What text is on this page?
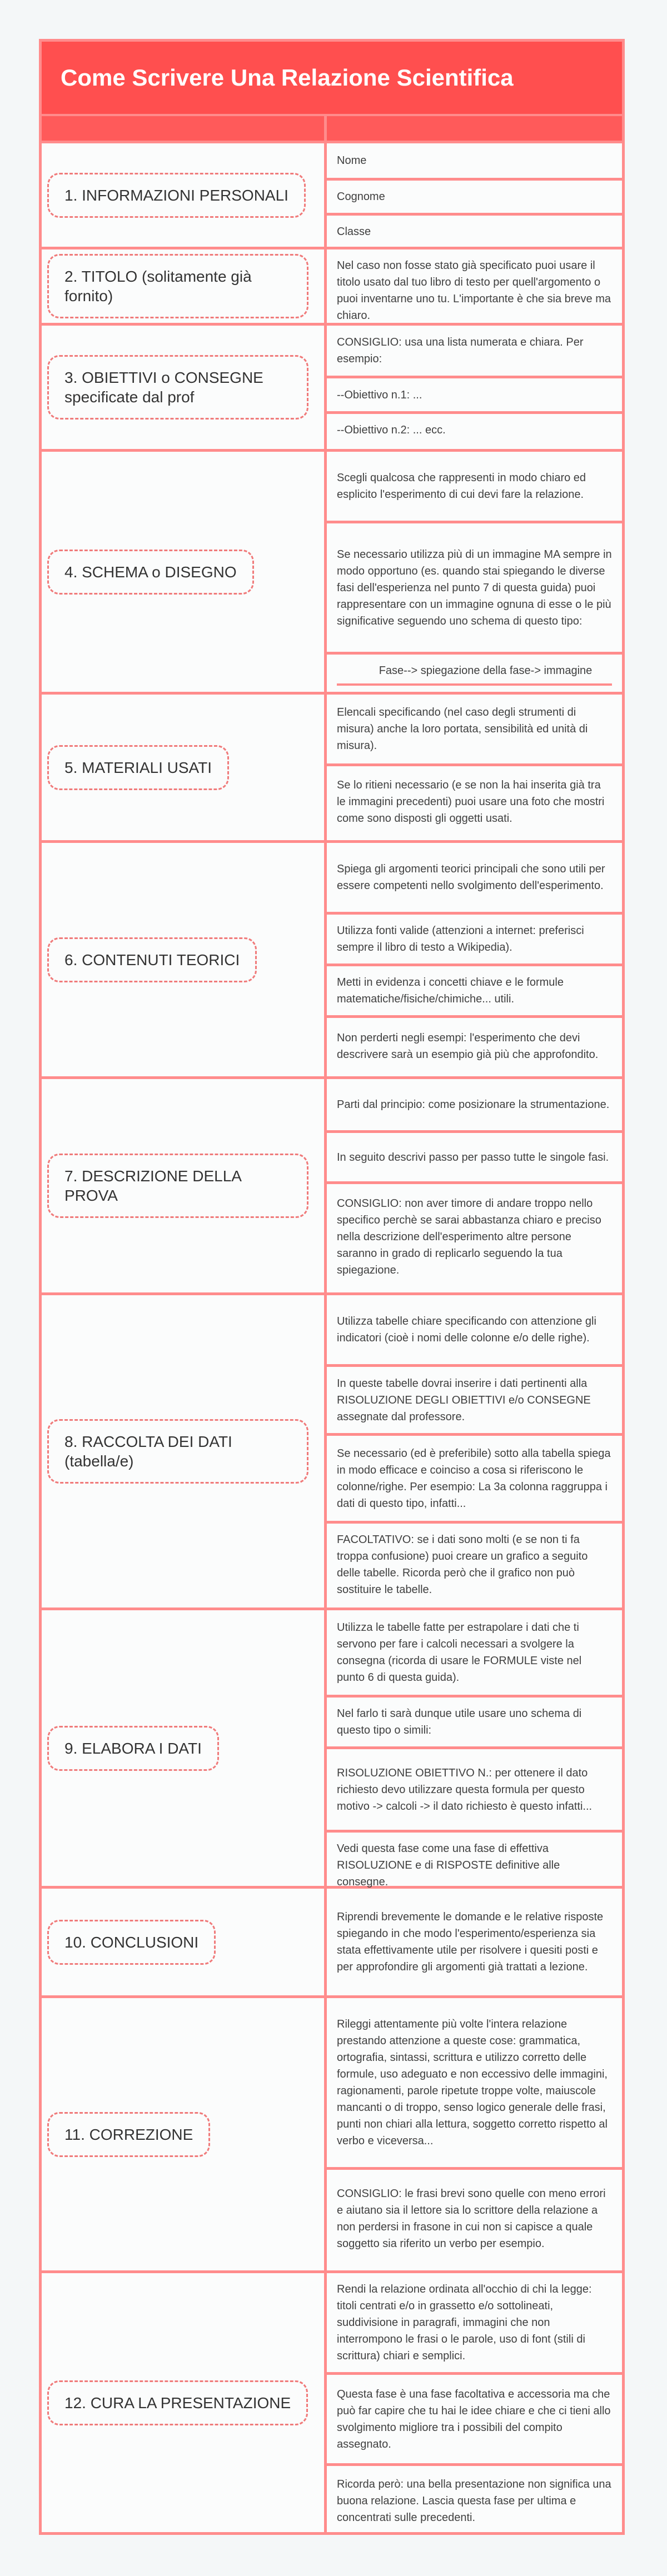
Come Scrivere Una Relazione Scientifica
1. INFORMAZIONI PERSONALI
Nome
Cognome
Classe
2. TITOLO (solitamente già fornito)
Nel caso non fosse stato già specificato puoi usare il titolo usato dal tuo libro di testo per quell'argomento o puoi inventarne uno tu. L'importante è che sia breve ma chiaro.
3. OBIETTIVI o CONSEGNE specificate dal prof
CONSIGLIO: usa una lista numerata e chiara. Per esempio:
--Obiettivo n.1: ...
--Obiettivo n.2: ... ecc.
4. SCHEMA o DISEGNO
Scegli qualcosa che rappresenti in modo chiaro ed esplicito l'esperimento di cui devi fare la relazione.
Se necessario utilizza più di un immagine MA sempre in modo opportuno (es. quando stai spiegando le diverse fasi dell'esperienza nel punto 7 di questa guida) puoi rappresentare con un immagine ognuna di esse o le più significative seguendo uno schema di questo tipo:
Fase--> spiegazione della fase-> immagine
5. MATERIALI USATI
Elencali specificando (nel caso degli strumenti di misura) anche la loro portata, sensibilità ed unità di misura).
Se lo ritieni necessario (e se non la hai inserita già tra le immagini precedenti) puoi usare una foto che mostri come sono disposti gli oggetti usati.
6. CONTENUTI TEORICI
Spiega gli argomenti teorici principali che sono utili per essere competenti nello svolgimento dell'esperimento.
Utilizza fonti valide (attenzioni a internet: preferisci sempre il libro di testo a Wikipedia).
Metti in evidenza i concetti chiave e le formule matematiche/fisiche/chimiche... utili.
Non perderti negli esempi: l'esperimento che devi descrivere sarà un esempio già più che approfondito.
7. DESCRIZIONE DELLA PROVA
Parti dal principio: come posizionare la strumentazione.
In seguito descrivi passo per passo tutte le singole fasi.
CONSIGLIO: non aver timore di andare troppo nello specifico perchè se sarai abbastanza chiaro e preciso nella descrizione dell'esperimento altre persone saranno in grado di replicarlo seguendo la tua spiegazione.
8. RACCOLTA DEI DATI (tabella/e)
Utilizza tabelle chiare specificando con attenzione gli indicatori (cioè i nomi delle colonne e/o delle righe).
In queste tabelle dovrai inserire i dati pertinenti alla RISOLUZIONE DEGLI OBIETTIVI e/o CONSEGNE assegnate dal professore.
Se necessario (ed è preferibile) sotto alla tabella spiega in modo efficace e coinciso a cosa si riferiscono le colonne/righe. Per esempio: La 3a colonna raggruppa i dati di questo tipo, infatti...
FACOLTATIVO: se i dati sono molti (e se non ti fa troppa confusione) puoi creare un grafico a seguito delle tabelle. Ricorda però che il grafico non può sostituire le tabelle.
9. ELABORA I DATI
Utilizza le tabelle fatte per estrapolare i dati che ti servono per fare i calcoli necessari a svolgere la consegna (ricorda di usare le FORMULE viste nel punto 6 di questa guida).
Nel farlo ti sarà dunque utile usare uno schema di questo tipo o simili:
RISOLUZIONE OBIETTIVO N.: per ottenere il dato richiesto devo utilizzare questa formula per questo motivo -> calcoli -> il dato richiesto è questo infatti...
Vedi questa fase come una fase di effettiva RISOLUZIONE e di RISPOSTE definitive alle consegne.
10. CONCLUSIONI
Riprendi brevemente le domande e le relative risposte spiegando in che modo l'esperimento/esperienza sia stata effettivamente utile per risolvere i quesiti posti e per approfondire gli argomenti già trattati a lezione.
11. CORREZIONE
Rileggi attentamente più volte l'intera relazione prestando attenzione a queste cose: grammatica, ortografia, sintassi, scrittura e utilizzo corretto delle formule, uso adeguato e non eccessivo delle immagini, ragionamenti, parole ripetute troppe volte, maiuscole mancanti o di troppo, senso logico generale delle frasi, punti non chiari alla lettura, soggetto corretto rispetto al verbo e viceversa...
CONSIGLIO: le frasi brevi sono quelle con meno errori e aiutano sia il lettore sia lo scrittore della relazione a non perdersi in frasone in cui non si capisce a quale soggetto sia riferito un verbo per esempio.
12. CURA LA PRESENTAZIONE
Rendi la relazione ordinata all'occhio di chi la legge: titoli centrati e/o in grassetto e/o sottolineati, suddivisione in paragrafi, immagini che non interrompono le frasi o le parole, uso di font (stili di scrittura) chiari e semplici.
Questa fase è una fase facoltativa e accessoria ma che può far capire che tu hai le idee chiare e che ci tieni allo svolgimento migliore tra i possibili del compito assegnato.
Ricorda però: una bella presentazione non significa una buona relazione. Lascia questa fase per ultima e concentrati sulle precedenti.
